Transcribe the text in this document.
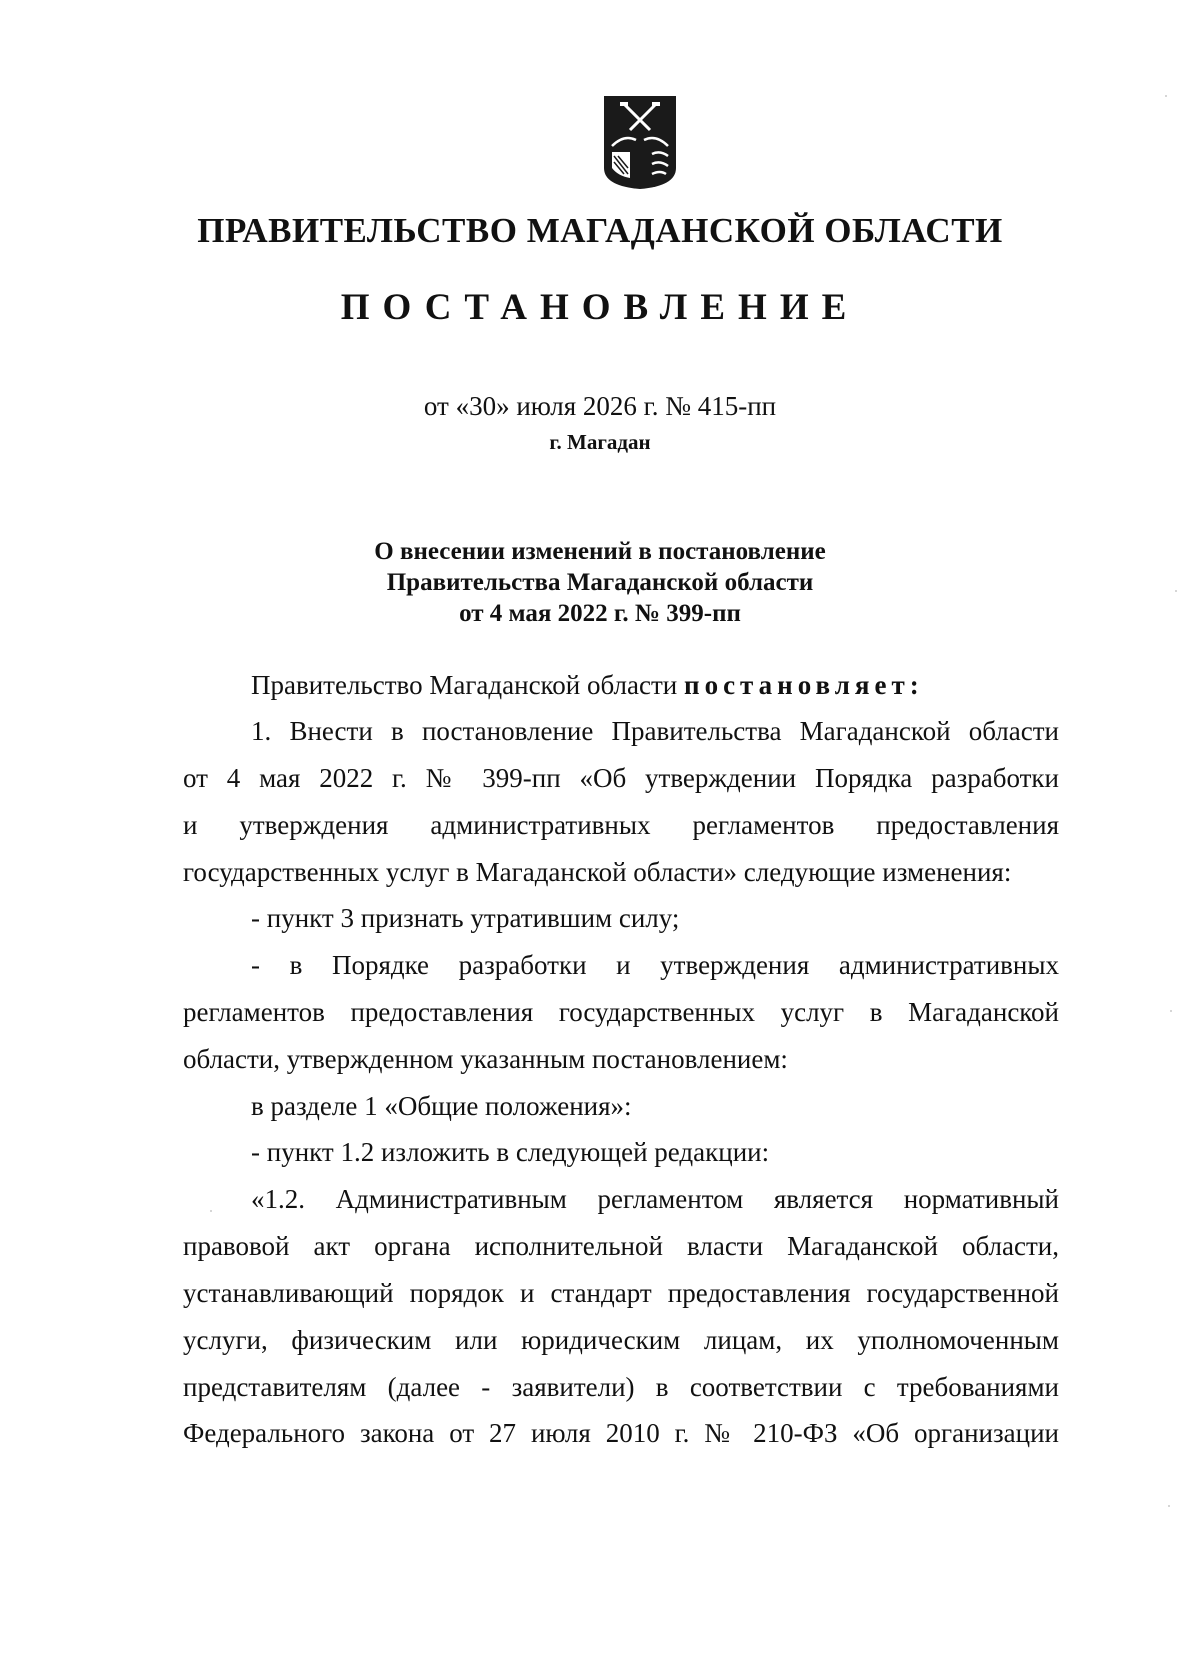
ПРАВИТЕЛЬСТВО МАГАДАНСКОЙ ОБЛАСТИ
ПОСТАНОВЛЕНИЕ

от «30» июля 2026 г. № 415-пп

г. Магадан

О внесении изменений в постановление
Правительства Магаданской области
от 4 мая 2022 г. № 399-пп

Правительство Магаданской области постановляет:

1. Внести в постановление Правительства Магаданской области

от 4 мая 2022 г. № 399-пп «Об утверждении Порядка разработки

и утверждения административных регламентов предоставления

государственных услуг в Магаданской области» следующие изменения:

- пункт 3 признать утратившим силу;

- в Порядке разработки и утверждения административных

регламентов предоставления государственных услуг в Магаданской

области, утвержденном указанным постановлением:

в разделе 1 «Общие положения»:

- пункт 1.2 изложить в следующей редакции:

«1.2. Административным регламентом является нормативный

правовой акт органа исполнительной власти Магаданской области,

устанавливающий порядок и стандарт предоставления государственной

услуги, физическим или юридическим лицам, их уполномоченным

представителям (далее - заявители) в соответствии с требованиями

Федерального закона от 27 июля 2010 г. № 210-ФЗ «Об организации
